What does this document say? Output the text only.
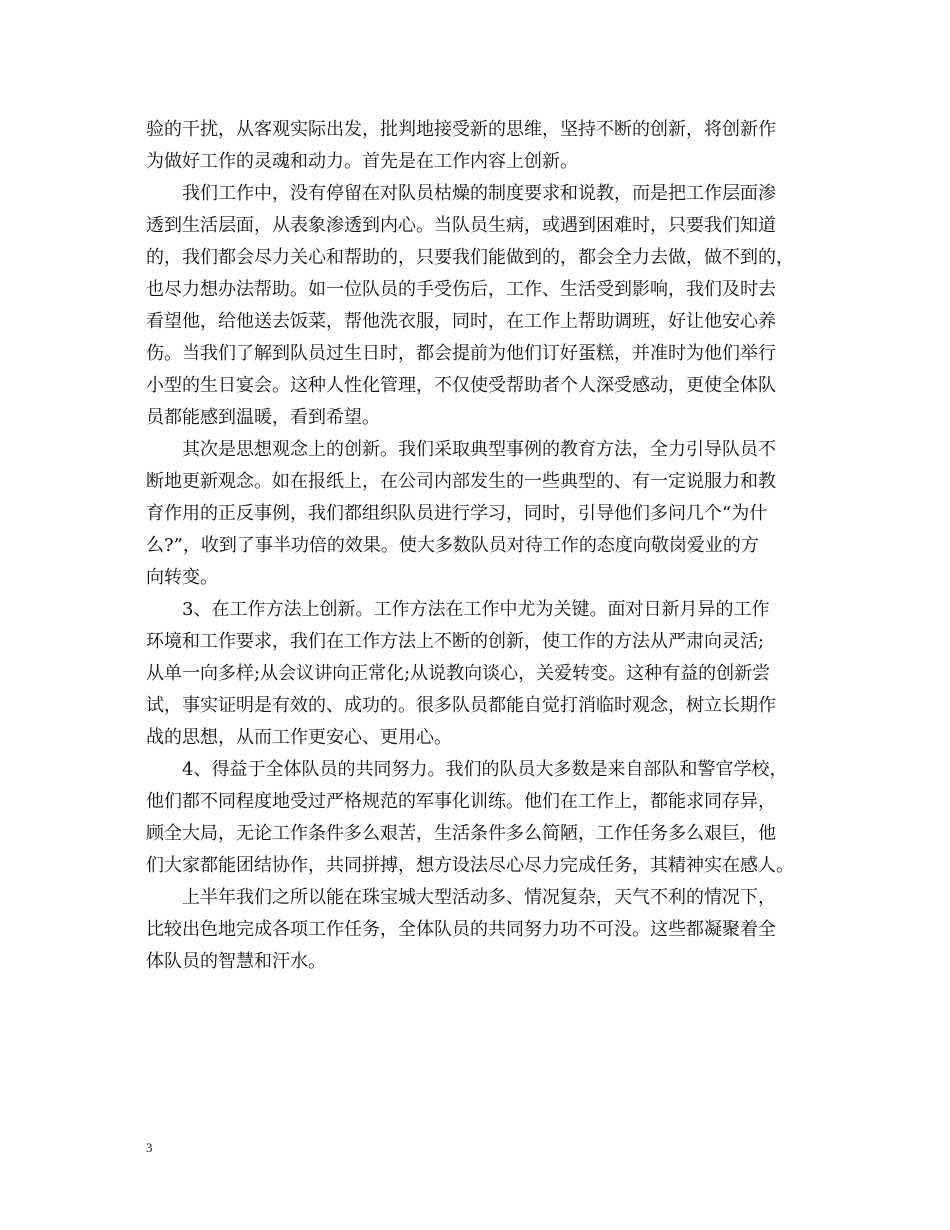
验的干扰，从客观实际出发，批判地接受新的思维，坚持不断的创新，将创新作
为做好工作的灵魂和动力。首先是在工作内容上创新。
我们工作中，没有停留在对队员枯燥的制度要求和说教，而是把工作层面渗
透到生活层面，从表象渗透到内心。当队员生病，或遇到困难时，只要我们知道
的，我们都会尽力关心和帮助的，只要我们能做到的，都会全力去做，做不到的，
也尽力想办法帮助。如一位队员的手受伤后，工作、生活受到影响，我们及时去
看望他，给他送去饭菜，帮他洗衣服，同时，在工作上帮助调班，好让他安心养
伤。当我们了解到队员过生日时，都会提前为他们订好蛋糕，并准时为他们举行
小型的生日宴会。这种人性化管理，不仅使受帮助者个人深受感动，更使全体队
员都能感到温暖，看到希望。
其次是思想观念上的创新。我们采取典型事例的教育方法，全力引导队员不
断地更新观念。如在报纸上，在公司内部发生的一些典型的、有一定说服力和教
育作用的正反事例，我们都组织队员进行学习，同时，引导他们多问几个“为什
么?”，收到了事半功倍的效果。使大多数队员对待工作的态度向敬岗爱业的方
向转变。
3、在工作方法上创新。工作方法在工作中尤为关键。面对日新月异的工作
环境和工作要求，我们在工作方法上不断的创新，使工作的方法从严肃向灵活;
从单一向多样;从会议讲向正常化;从说教向谈心，关爱转变。这种有益的创新尝
试，事实证明是有效的、成功的。很多队员都能自觉打消临时观念，树立长期作
战的思想，从而工作更安心、更用心。
4、得益于全体队员的共同努力。我们的队员大多数是来自部队和警官学校，
他们都不同程度地受过严格规范的军事化训练。他们在工作上，都能求同存异，
顾全大局，无论工作条件多么艰苦，生活条件多么简陋，工作任务多么艰巨，他
们大家都能团结协作，共同拼搏，想方设法尽心尽力完成任务，其精神实在感人。
上半年我们之所以能在珠宝城大型活动多、情况复杂，天气不利的情况下，
比较出色地完成各项工作任务，全体队员的共同努力功不可没。这些都凝聚着全
体队员的智慧和汗水。
3
